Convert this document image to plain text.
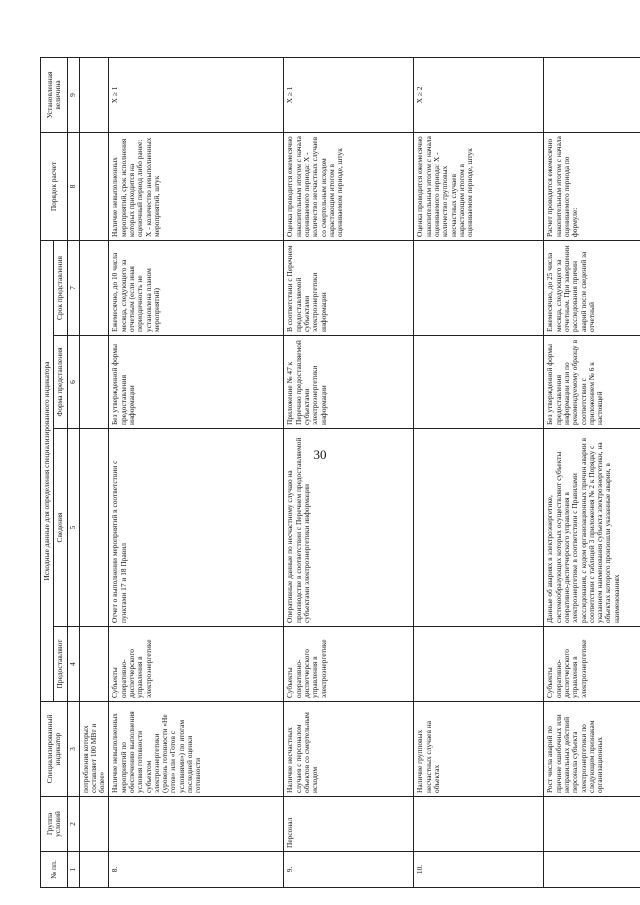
30
№ пп.	Группа условий	Специализированный индикатор	Исходные данные для определения специализированного индикатора				Порядок расчет	Установленная величина
			Предоставляют	Сведения	Форма представления	Срок представления		
1	2	3	4	5	6	7	8	9
		потребления которых составляет 100 МВт и более»						
8.		Наличие невыполненных мероприятий по обеспечению выполнения условия готовности субъектом электроэнергетики (уровень готовности «Не готов» или «Готов с условиями») по итогам последней оценки готовности	Субъекты оперативно-диспетчерского управления в электроэнергетике	Отчет о выполнении мероприятий в соответствии с пунктами 17 и 18 Правил	Без утвержденной формы предоставления информации	Ежемесячно, до 10 числа месяца, следующего за отчетным (если иная периодичность не установлена планом мероприятий)	Наличие невыполненных мероприятий, срок исполнения которых приходится на оценочный период либо ранее: X - количество невыполненных мероприятий, штук	X ≥ 1
9.	Персонал	Наличие несчастных случаев с персоналом объектов со смертельным исходом	Субъекты оперативно-диспетчерского управления в электроэнергетике	Оперативные данные по несчастному случаю на производстве в соответствии с Перечнем предоставляемой субъектами электроэнергетики информации	Приложение № 47 к Перечню предоставляемой субъектами электроэнергетики информации	В соответствии с Перечнем предоставляемой субъектами электроэнергетики информации	Оценка проводится ежемесячно накопительным итогом с начала оцениваемого периода: X - количество несчастных случаев со смертельным исходом нарастающим итогом в оцениваемом периоде, штук	X ≥ 1
10.		Наличие групповых несчастных случаев на объектах					Оценка проводится ежемесячно накопительным итогом с начала оцениваемого периода: X - количество групповых несчастных случаев нарастающим итогом в оцениваемом периоде, штук	X ≥ 2
		Рост числа аварий по причине ошибочных или неправильных действий персонала субъекта электроэнергетики по следующим признакам организационных	Субъекты оперативно-диспетчерского управления в электроэнергетике	Данные об авариях в электроэнергетике, системообразующих которых осуществляют субъекты оперативно-диспетчерского управления в электроэнергетике в соответствии с Правилами расследования, с кодом организационных причин аварии в соответствии с таблицей 3 приложения № 2 к Порядку с указанием наименования субъекта электроэнергетики, на объектах которого произошли указанные аварии, в наименованиях	Без утвержденной формы предоставления информации или по рекомендуемому образцу в соответствии с приложением № 6 к настоящей	Ежемесячно, до 25 числа месяца, следующего за отчетным. При завершении расследования причин аварий после сведений за отчетный	Расчет проводится ежемесячно накопительным итогом с начала оцениваемого периода по формуле:	
